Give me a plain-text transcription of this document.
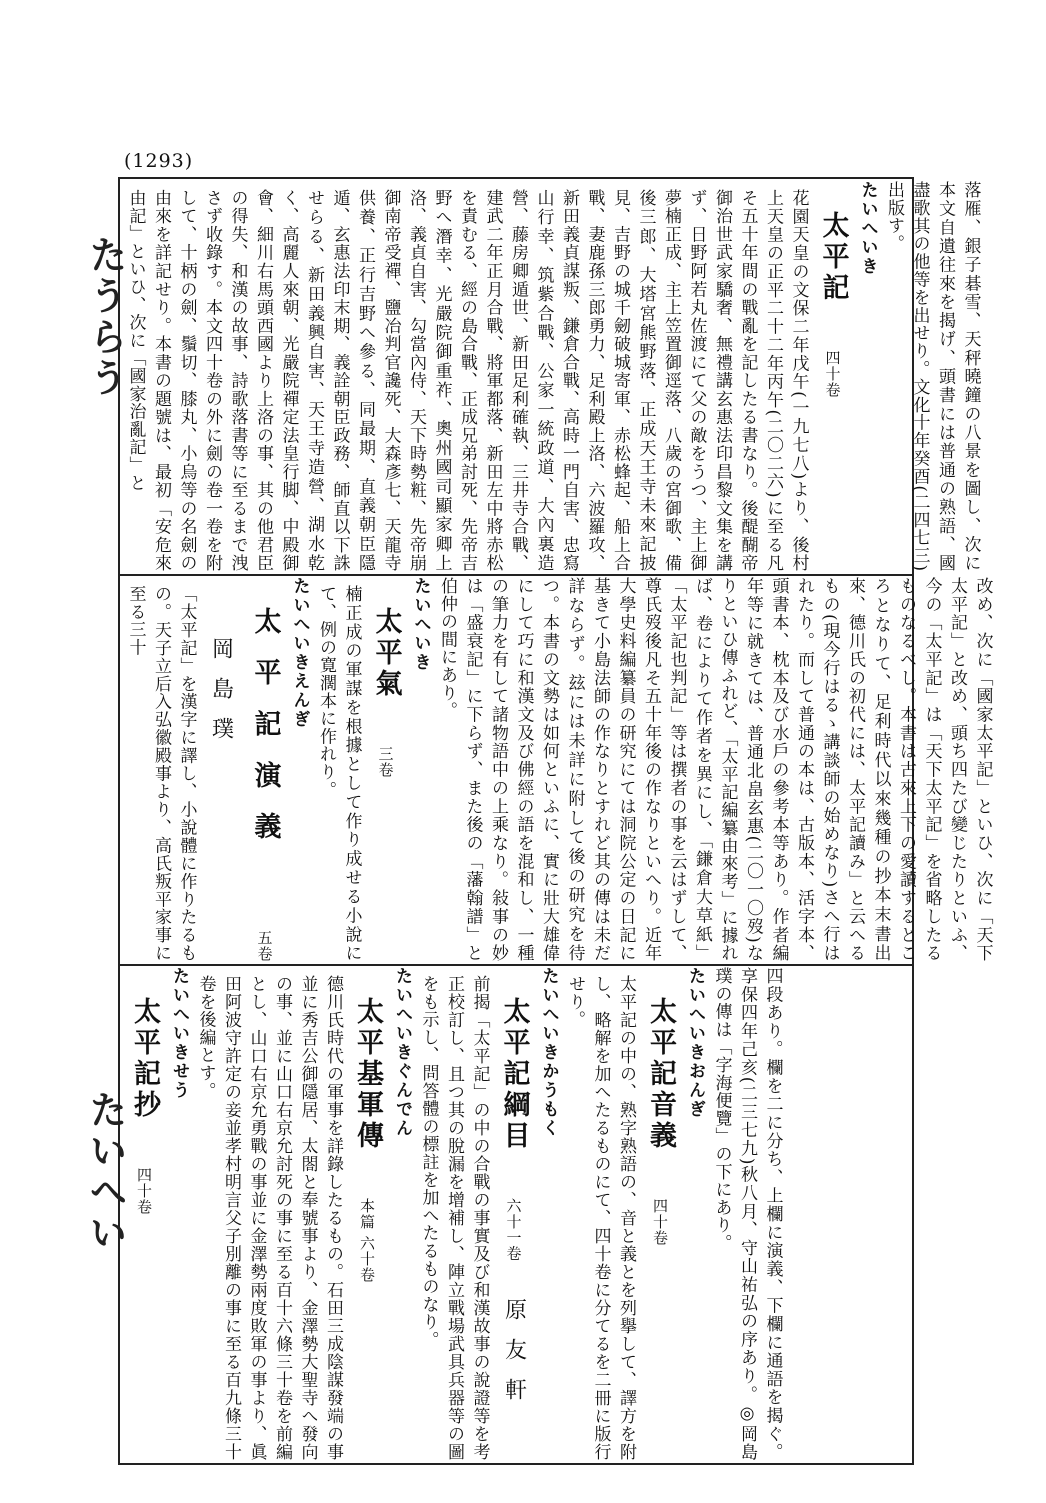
(1293)
たうらう
たいへい
落雁、銀子碁雪、天秤曉鐘の八景を圖し、次に本文自遺往來を揭げ、頭書には普通の熟語、國盡歌其の他等を出せり。文化十年癸酉(二四七三)出版す。
たいへいき
太平記 四十卷
花園天皇の文保二年戊午(一九七八)より、後村上天皇の正平二十二年丙午(二〇二六)に至る凡そ五十年間の戰亂を記したる書なり。後醍醐帝御治世武家驕奢、無禮講玄惠法印昌黎文集を講ず、日野阿若丸佐渡にて父の敵をうつ、主上御夢楠正成、主上笠置御逕落、八歲の宮御歌、備後三郎、大塔宮熊野落、正成天王寺未來記披見、吉野の城千劒破城寄軍、赤松蜂起、船上合戰、妻鹿孫三郎勇力、足利殿上洛、六波羅攻、新田義貞謀叛、鎌倉合戰、高時一門自害、忠寫山行幸、筑紫合戰、公家一統政道、大內裏造營、藤房卿遁世、新田足利確執、三井寺合戰、建武二年正月合戰、將軍都落、新田左中將赤松を責むる、經の島合戰、正成兄弟討死、先帝吉野へ潛幸、光嚴院御重祚、奧州國司顯家卿上洛、義貞自害、勾當內侍、天下時勢粧、先帝崩御南帝受禪、鹽冶判官讒死、大森彥七、天龍寺供養、正行吉野へ參る、同最期、直義朝臣隱遁、玄惠法印末期、義詮朝臣政務、師直以下誅せらる、新田義興自害、天王寺造營、湖水乾く、高麗人來朝、光嚴院禪定法皇行脚、中殿御會、細川右馬頭西國より上洛の事、其の他君臣の得失、和漢の故事、詩歌落書等に至るまで洩さず收錄す。本文四十卷の外に劍の卷一卷を附して、十柄の劍、鬚切、膝丸、小烏等の名劍の由來を詳記せり。本書の題號は、最初「安危來由記」といひ、次に「國家治亂記」と
改め、次に「國家太平記」といひ、次に「天下太平記」と改め、頭ち四たび變じたりといふ、今の「太平記」は「天下太平記」を省略したるものなるべし。本書は古來上下の愛讀するところとなりて、足利時代以來幾種の抄本末書出來、德川氏の初代には、太平記讀み」と云へるもの(現今行はるゝ講談師の始めなり)さへ行はれたり。而して普通の本は、古版本、活字本、頭書本、枕本及び水戶の參考本等あり。作者編年等に就きては、普通北畠玄惠(二〇一〇歿)なりといひ傳ふれど、「太平記編纂由來考」に據れば、卷によりて作者を異にし、「鎌倉大草紙」「太平記也判記」等は撰者の事を云はずして、尊氏歿後凡そ五十年後の作なりといへり。近年大學史料編纂員の研究にては洞院公定の日記に基きて小島法師の作なりとすれど其の傳は未だ詳ならず。玆には未詳に附して後の研究を待つ。本書の文勢は如何といふに、實に壯大雄偉にして巧に和漢文及び佛經の語を混和し、一種の筆力を有して諸物語中の上乘なり。敍事の妙は「盛衰記」に下らず、また後の「藩翰譜」と伯仲の間にあり。
たいへいき
太平氣 三卷
楠正成の軍謀を根據として作り成せる小說にて、例の寛濶本に作れり。
たいへいきえんぎ
太平記演義 五卷 岡島璞
「太平記」を漢字に譯し、小說體に作りたるもの。天子立后入弘徽殿事より、高氏叛平家事に至る三十
四段あり。欄を二に分ち、上欄に演義、下欄に通語を揭ぐ。享保四年己亥(二三七九)秋八月、守山祐弘の序あり。◎岡島璞の傳は「字海便覽」の下にあり。
たいへいきおんぎ
太平記音義 四十卷
太平記の中の、熟字熟語の、音と義とを列擧して、譯方を附し、略解を加へたるものにて、四十卷に分てるを二冊に版行せり。
たいへいきかうもく
太平記綱目 六十一卷 原友軒
前揭「太平記」の中の合戰の事實及び和漢故事の說證等を考正校訂し、且つ其の脫漏を增補し、陣立戰場武具兵器等の圖をも示し、問答體の標註を加へたるものなり。
たいへいきぐんでん
太平基軍傳 本篇 六十卷
德川氏時代の軍事を詳錄したるもの。石田三成陰謀發端の事並に秀吉公御隱居、太閤と奉號事より、金澤勢大聖寺へ發向の事、並に山口右京允討死の事に至る百十六條三十卷を前編とし、山口右京允勇戰の事並に金澤勢兩度敗軍の事より、眞田阿波守許定の妾並孝村明言父子別離の事に至る百九條三十卷を後編とす。
たいへいきせう
太平記抄 四十卷
